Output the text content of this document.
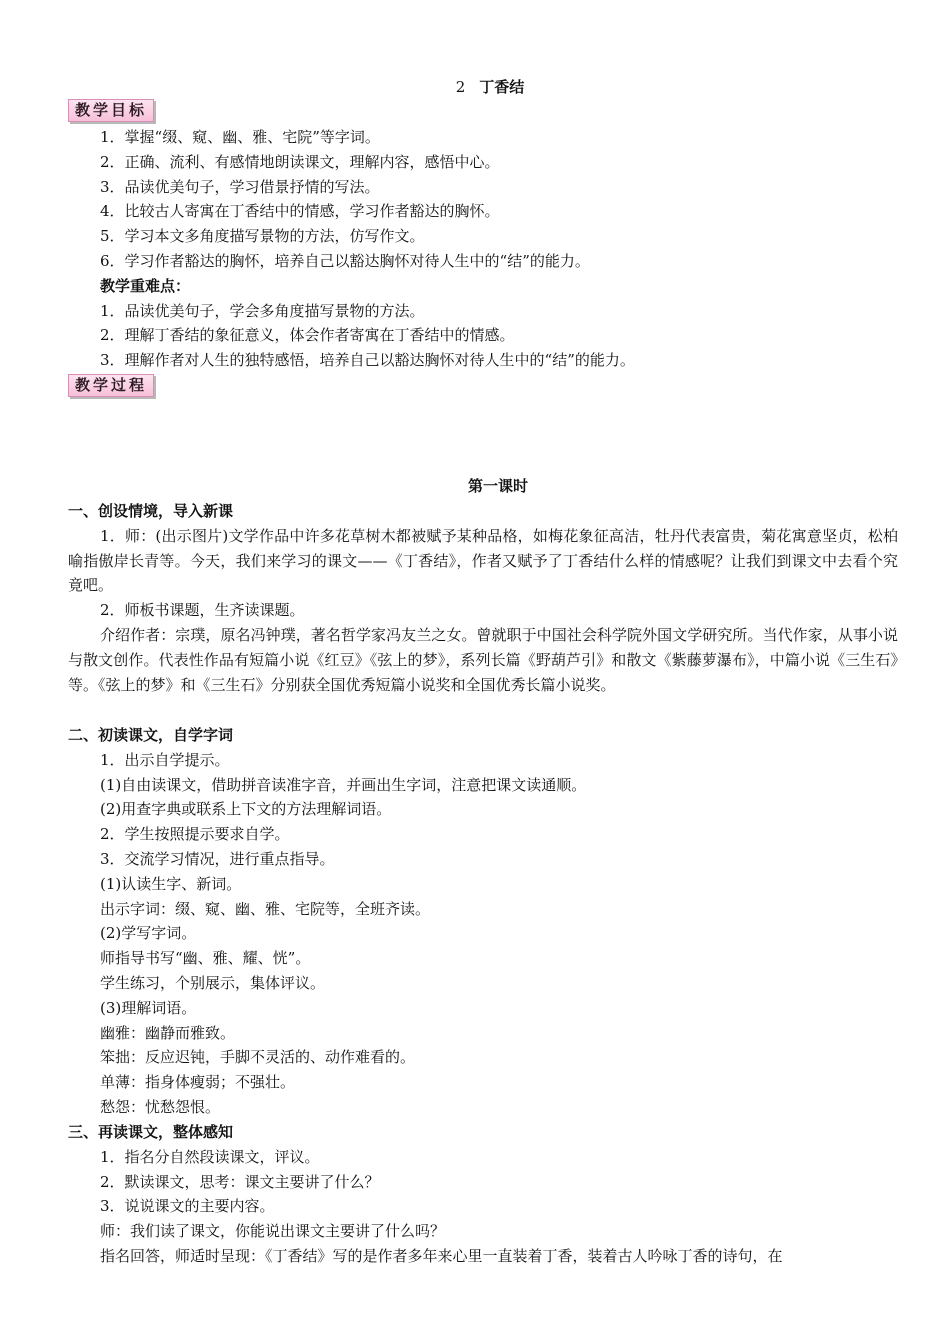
2 丁香结
教学目标
1．掌握“缀、窥、幽、雅、宅院”等字词。
2．正确、流利、有感情地朗读课文，理解内容，感悟中心。
3．品读优美句子，学习借景抒情的写法。
4．比较古人寄寓在丁香结中的情感，学习作者豁达的胸怀。
5．学习本文多角度描写景物的方法，仿写作文。
6．学习作者豁达的胸怀，培养自己以豁达胸怀对待人生中的“结”的能力。
教学重难点：
1．品读优美句子，学会多角度描写景物的方法。
2．理解丁香结的象征意义，体会作者寄寓在丁香结中的情感。
3．理解作者对人生的独特感悟，培养自己以豁达胸怀对待人生中的“结”的能力。
教学过程
第一课时
一、创设情境，导入新课
1．师：(出示图片)文学作品中许多花草树木都被赋予某种品格，如梅花象征高洁，牡丹代表富贵，菊花寓意坚贞，松柏喻指傲岸长青等。今天，我们来学习的课文——《丁香结》，作者又赋予了丁香结什么样的情感呢？让我们到课文中去看个究竟吧。
2．师板书课题，生齐读课题。
介绍作者：宗璞，原名冯钟璞，著名哲学家冯友兰之女。曾就职于中国社会科学院外国文学研究所。当代作家，从事小说与散文创作。代表性作品有短篇小说《红豆》《弦上的梦》，系列长篇《野葫芦引》和散文《紫藤萝瀑布》，中篇小说《三生石》等。《弦上的梦》和《三生石》分别获全国优秀短篇小说奖和全国优秀长篇小说奖。
二、初读课文，自学字词
1．出示自学提示。
(1)自由读课文，借助拼音读准字音，并画出生字词，注意把课文读通顺。
(2)用查字典或联系上下文的方法理解词语。
2．学生按照提示要求自学。
3．交流学习情况，进行重点指导。
(1)认读生字、新词。
出示字词：缀、窥、幽、雅、宅院等，全班齐读。
(2)学写字词。
师指导书写“幽、雅、耀、恍”。
学生练习，个别展示，集体评议。
(3)理解词语。
幽雅：幽静而雅致。
笨拙：反应迟钝，手脚不灵活的、动作难看的。
单薄：指身体瘦弱；不强壮。
愁怨：忧愁怨恨。
三、再读课文，整体感知
1．指名分自然段读课文，评议。
2．默读课文，思考：课文主要讲了什么？
3．说说课文的主要内容。
师：我们读了课文，你能说出课文主要讲了什么吗？
指名回答，师适时呈现：《丁香结》写的是作者多年来心里一直装着丁香，装着古人吟咏丁香的诗句，在
